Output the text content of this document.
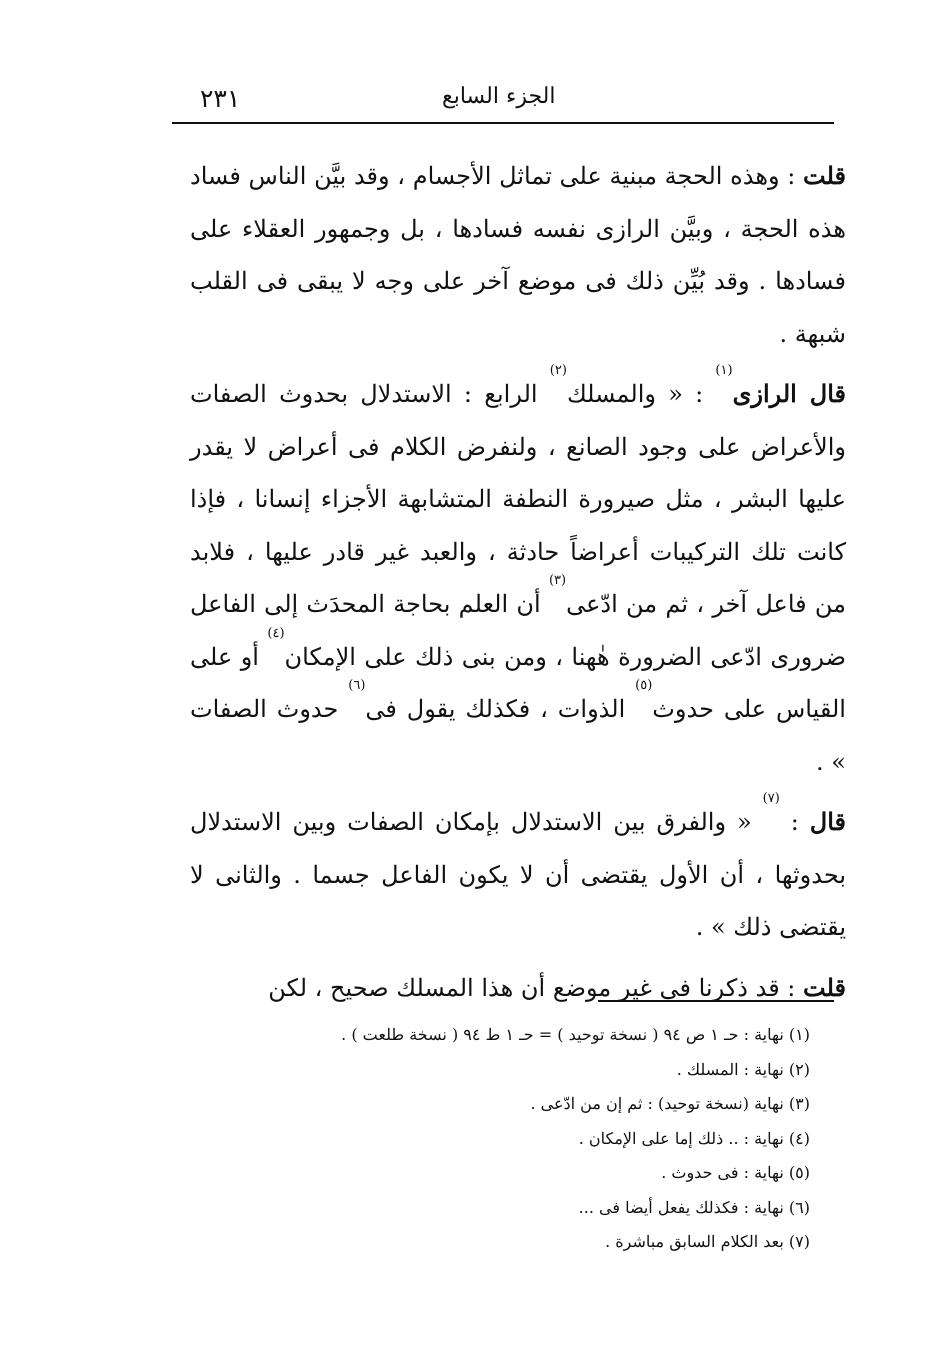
٢٣١	الجزء السابع

قلت : وهذه الحجة مبنية على تماثل الأجسام ، وقد بيَّن الناس فساد هذه الحجة ، وبيَّن الرازى نفسه فسادها ، بل وجمهور العقلاء على فسادها . وقد بُيِّن ذلك فى موضع آخر على وجه لا يبقى فى القلب شبهة .

قال الرازى$^{(١)}$ : « والمسلك$^{(٢)}$ الرابع : الاستدلال بحدوث الصفات والأعراض على وجود الصانع ، ولنفرض الكلام فى أعراض لا يقدر عليها البشر ، مثل صيرورة النطفة المتشابهة الأجزاء إنسانا ، فإذا كانت تلك التركيبات أعراضاً حادثة ، والعبد غير قادر عليها ، فلابد من فاعل آخر ، ثم من ادّعى$^{(٣)}$ أن العلم بحاجة المحدَث إلى الفاعل ضرورى ادّعى الضرورة هٰهنا ، ومن بنى ذلك على الإمكان$^{(٤)}$ أو على القياس على حدوث$^{(٥)}$ الذوات ، فكذلك يقول فى$^{(٦)}$ حدوث الصفات » .

قال : $^{(٧)}$ « والفرق بين الاستدلال بإمكان الصفات وبين الاستدلال بحدوثها ، أن الأول يقتضى أن لا يكون الفاعل جسما . والثانى لا يقتضى ذلك » .

قلت : قد ذكرنا فى غير موضع أن هذا المسلك صحيح ، لكن

(١) نهاية : حـ ١ ص ٩٤ ( نسخة توحيد ) = حـ ١ ط ٩٤ ( نسخة طلعت ) .
(٢) نهاية : المسلك .
(٣) نهاية (نسخة توحيد) : ثم إن من ادّعى .
(٤) نهاية : .. ذلك إما على الإمكان .
(٥) نهاية : فى حدوث .
(٦) نهاية : فكذلك يفعل أيضا فى ...
(٧) بعد الكلام السابق مباشرة .
